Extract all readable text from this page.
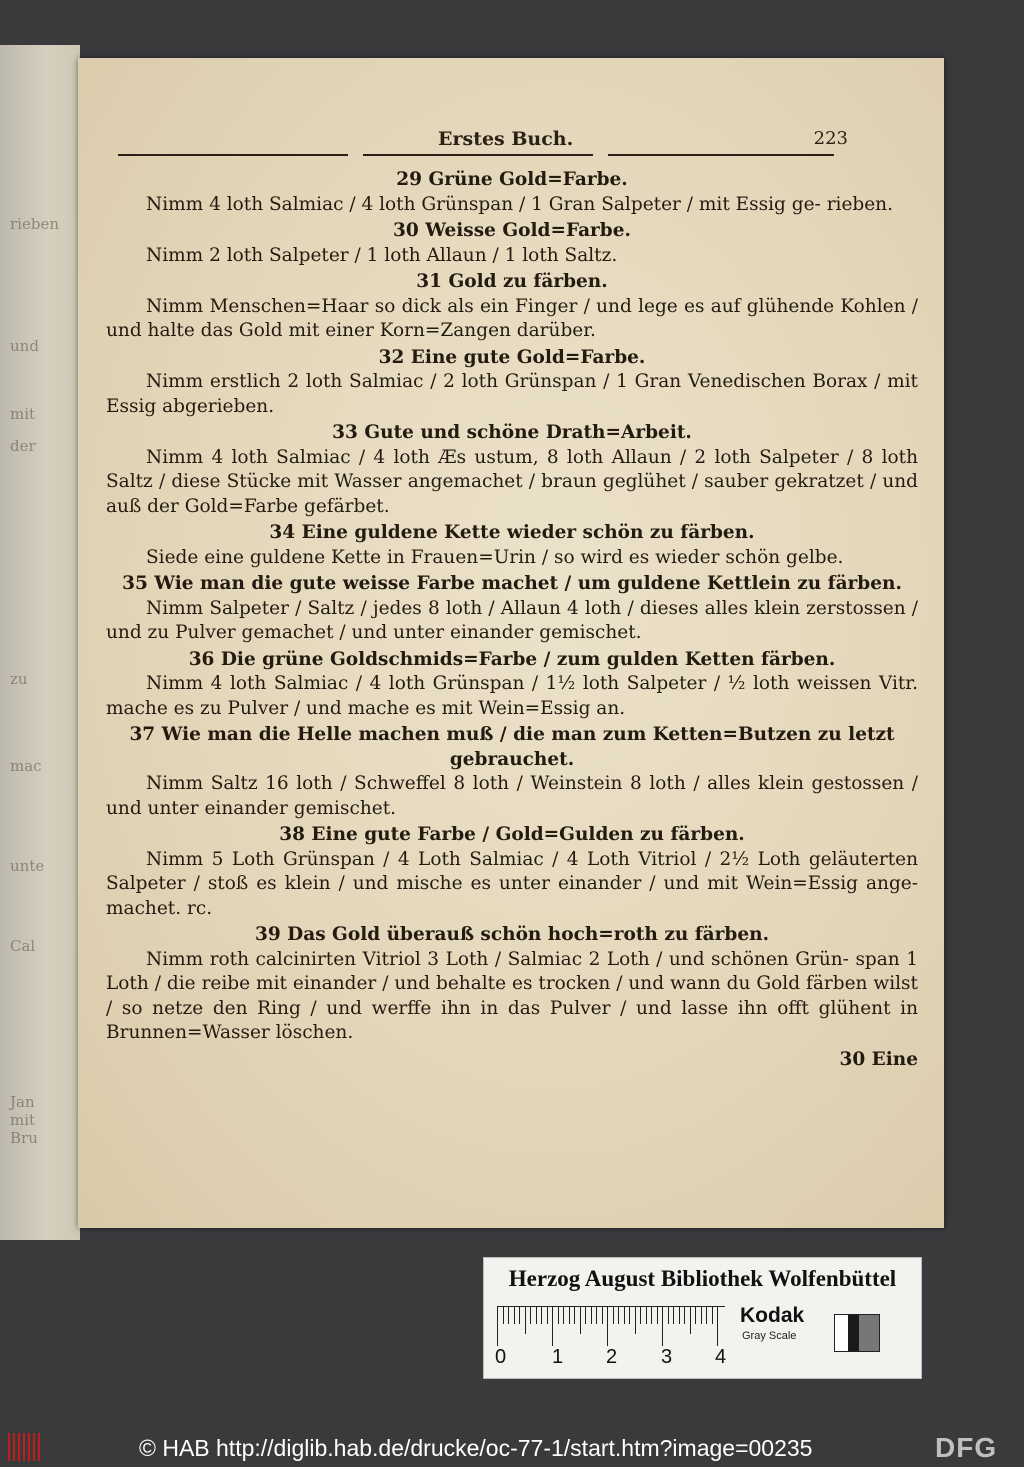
rieben
und
mit
der
zu
mac
unte
Cal
Jan
mit
Bru
Erstes Buch.	223

29 Grüne Gold=Farbe.

Nimm 4 loth Salmiac / 4 loth Grünspan / 1 Gran Salpeter / mit Essig ge- rieben.

30 Weisse Gold=Farbe.

Nimm 2 loth Salpeter / 1 loth Allaun / 1 loth Saltz.

31 Gold zu färben.

Nimm Menschen=Haar so dick als ein Finger / und lege es auf glühende Kohlen / und halte das Gold mit einer Korn=Zangen darüber.

32 Eine gute Gold=Farbe.

Nimm erstlich 2 loth Salmiac / 2 loth Grünspan / 1 Gran Venedischen Borax / mit Essig abgerieben.

33 Gute und schöne Drath=Arbeit.

Nimm 4 loth Salmiac / 4 loth Æs ustum, 8 loth Allaun / 2 loth Salpeter / 8 loth Saltz / diese Stücke mit Wasser angemachet / braun geglühet / sauber gekratzet / und auß der Gold=Farbe gefärbet.

34 Eine guldene Kette wieder schön zu färben.

Siede eine guldene Kette in Frauen=Urin / so wird es wieder schön gelbe.

35 Wie man die gute weisse Farbe machet / um guldene Kettlein zu färben.

Nimm Salpeter / Saltz / jedes 8 loth / Allaun 4 loth / dieses alles klein zerstossen / und zu Pulver gemachet / und unter einander gemischet.

36 Die grüne Goldschmids=Farbe / zum gulden Ketten färben.

Nimm 4 loth Salmiac / 4 loth Grünspan / 1½ loth Salpeter / ½ loth weissen Vitr. mache es zu Pulver / und mache es mit Wein=Essig an.

37 Wie man die Helle machen muß / die man zum Ketten=Butzen zu letzt gebrauchet.

Nimm Saltz 16 loth / Schweffel 8 loth / Weinstein 8 loth / alles klein gestossen / und unter einander gemischet.

38 Eine gute Farbe / Gold=Gulden zu färben.

Nimm 5 Loth Grünspan / 4 Loth Salmiac / 4 Loth Vitriol / 2½ Loth geläuterten Salpeter / stoß es klein / und mische es unter einander / und mit Wein=Essig ange- machet. rc.

39 Das Gold überauß schön hoch=roth zu färben.

Nimm roth calcinirten Vitriol 3 Loth / Salmiac 2 Loth / und schönen Grün- span 1 Loth / die reibe mit einander / und behalte es trocken / und wann du Gold färben wilst / so netze den Ring / und werffe ihn in das Pulver / und lasse ihn offt glühent in Brunnen=Wasser löschen.

30 Eine
Herzog August Bibliothek Wolfenbüttel
0 1 2 3 4
Kodak
Gray Scale
© HAB http://diglib.hab.de/drucke/oc-77-1/start.htm?image=00235	DFG
